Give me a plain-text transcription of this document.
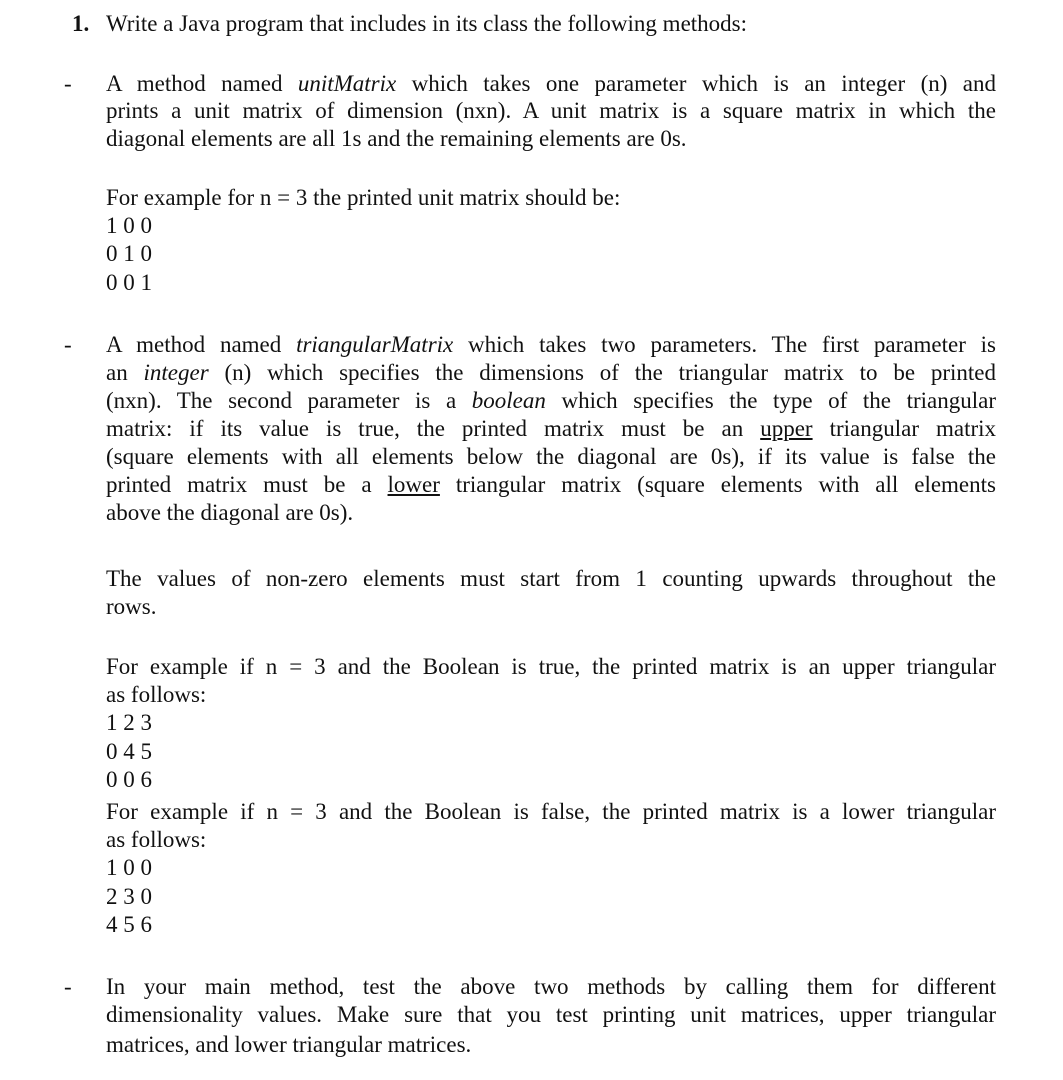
1. Write a Java program that includes in its class the following methods:
- A method named unitMatrix which takes one parameter which is an integer (n) and
prints a unit matrix of dimension (nxn). A unit matrix is a square matrix in which the
diagonal elements are all 1s and the remaining elements are 0s.
For example for n = 3 the printed unit matrix should be:
1 0 0
0 1 0
0 0 1
- A method named triangularMatrix which takes two parameters. The first parameter is
an integer (n) which specifies the dimensions of the triangular matrix to be printed
(nxn). The second parameter is a boolean which specifies the type of the triangular
matrix: if its value is true, the printed matrix must be an upper triangular matrix
(square elements with all elements below the diagonal are 0s), if its value is false the
printed matrix must be a lower triangular matrix (square elements with all elements
above the diagonal are 0s).
The values of non-zero elements must start from 1 counting upwards throughout the
rows.
For example if n = 3 and the Boolean is true, the printed matrix is an upper triangular
as follows:
1 2 3
0 4 5
0 0 6
For example if n = 3 and the Boolean is false, the printed matrix is a lower triangular
as follows:
1 0 0
2 3 0
4 5 6
- In your main method, test the above two methods by calling them for different
dimensionality values. Make sure that you test printing unit matrices, upper triangular
matrices, and lower triangular matrices.
